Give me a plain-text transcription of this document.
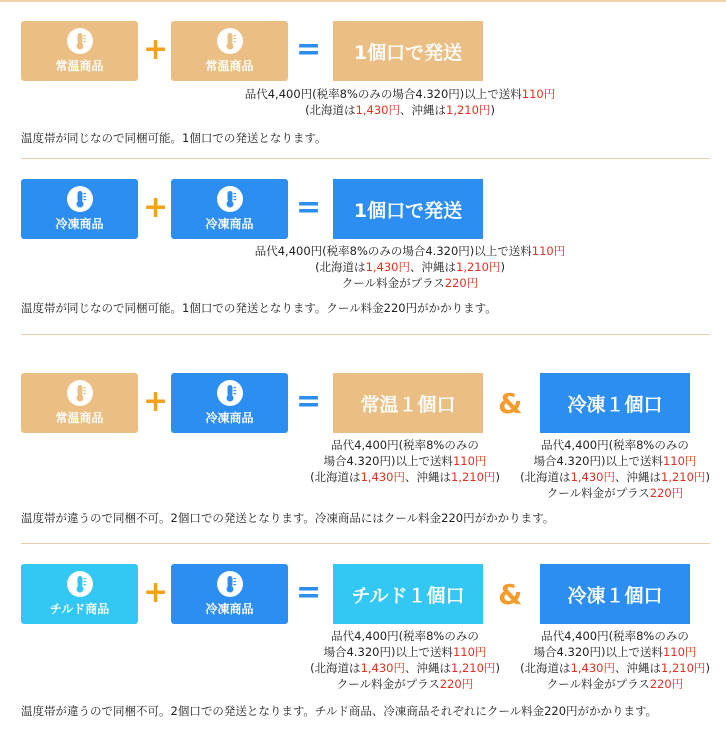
常温商品	+	常温商品	=	1個口で発送
品代4,400円(税率8%のみの場合4.320円)以上で送料110円
(北海道は1,430円、沖縄は1,210円)
温度帯が同じなので同梱可能。1個口での発送となります。
冷凍商品	+	冷凍商品	=	1個口で発送
品代4,400円(税率8%のみの場合4.320円)以上で送料110円
(北海道は1,430円、沖縄は1,210円)
クール料金がプラス220円
温度帯が同じなので同梱可能。1個口での発送となります。クール料金220円がかかります。
常温商品	+	冷凍商品	=	常温１個口	&	冷凍１個口
品代4,400円(税率8%のみの
場合4.320円)以上で送料110円
(北海道は1,430円、沖縄は1,210円)
品代4,400円(税率8%のみの
場合4.320円)以上で送料110円
(北海道は1,430円、沖縄は1,210円)
クール料金がプラス220円
温度帯が違うので同梱不可。2個口での発送となります。冷凍商品にはクール料金220円がかかります。
チルド商品	+	冷凍商品	=	チルド１個口	&	冷凍１個口
品代4,400円(税率8%のみの
場合4.320円)以上で送料110円
(北海道は1,430円、沖縄は1,210円)
クール料金がプラス220円
品代4,400円(税率8%のみの
場合4.320円)以上で送料110円
(北海道は1,430円、沖縄は1,210円)
クール料金がプラス220円
温度帯が違うので同梱不可。2個口での発送となります。チルド商品、冷凍商品それぞれにクール料金220円がかかります。
